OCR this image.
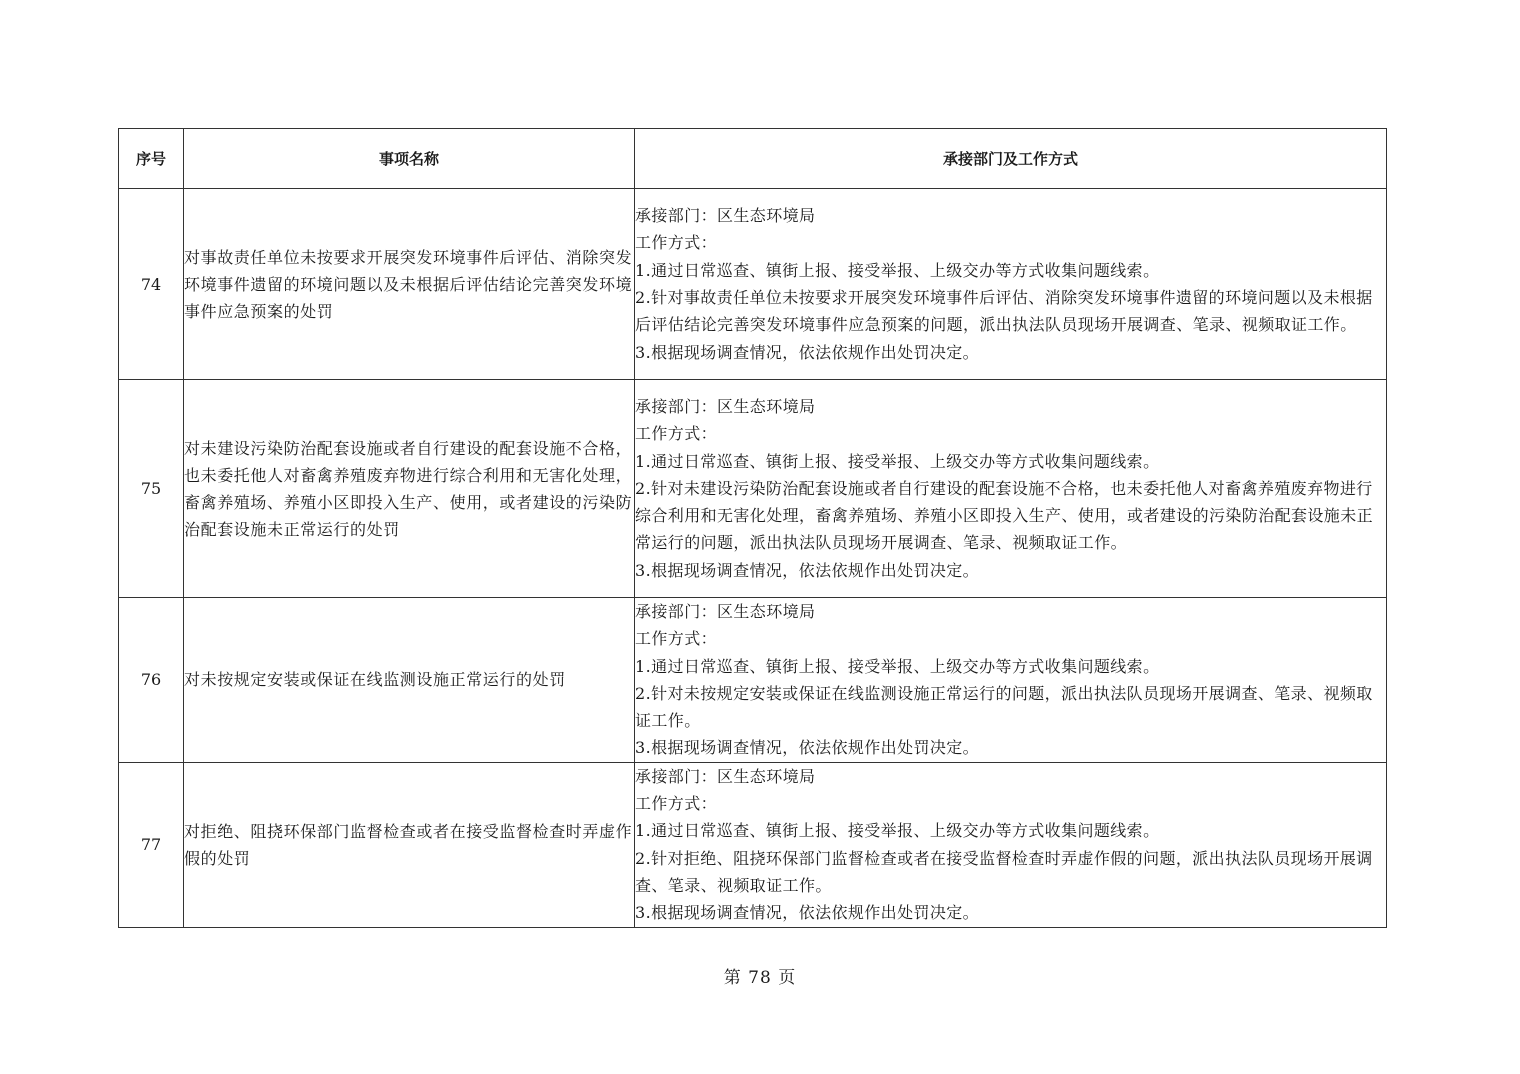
序号	事项名称	承接部门及工作方式
74	对事故责任单位未按要求开展突发环境事件后评估、消除突发环境事件遗留的环境问题以及未根据后评估结论完善突发环境事件应急预案的处罚	承接部门：区生态环境局
工作方式：
1.通过日常巡查、镇街上报、接受举报、上级交办等方式收集问题线索。
2.针对事故责任单位未按要求开展突发环境事件后评估、消除突发环境事件遗留的环境问题以及未根据后评估结论完善突发环境事件应急预案的问题，派出执法队员现场开展调查、笔录、视频取证工作。
3.根据现场调查情况，依法依规作出处罚决定。

75	对未建设污染防治配套设施或者自行建设的配套设施不合格，也未委托他人对畜禽养殖废弃物进行综合利用和无害化处理，畜禽养殖场、养殖小区即投入生产、使用，或者建设的污染防治配套设施未正常运行的处罚	承接部门：区生态环境局
工作方式：
1.通过日常巡查、镇街上报、接受举报、上级交办等方式收集问题线索。
2.针对未建设污染防治配套设施或者自行建设的配套设施不合格，也未委托他人对畜禽养殖废弃物进行综合利用和无害化处理，畜禽养殖场、养殖小区即投入生产、使用，或者建设的污染防治配套设施未正常运行的问题，派出执法队员现场开展调查、笔录、视频取证工作。
3.根据现场调查情况，依法依规作出处罚决定。

76	对未按规定安装或保证在线监测设施正常运行的处罚	承接部门：区生态环境局
工作方式：
1.通过日常巡查、镇街上报、接受举报、上级交办等方式收集问题线索。
2.针对未按规定安装或保证在线监测设施正常运行的问题，派出执法队员现场开展调查、笔录、视频取证工作。
3.根据现场调查情况，依法依规作出处罚决定。

77	对拒绝、阻挠环保部门监督检查或者在接受监督检查时弄虚作假的处罚	承接部门：区生态环境局
工作方式：
1.通过日常巡查、镇街上报、接受举报、上级交办等方式收集问题线索。
2.针对拒绝、阻挠环保部门监督检查或者在接受监督检查时弄虚作假的问题，派出执法队员现场开展调查、笔录、视频取证工作。
3.根据现场调查情况，依法依规作出处罚决定。
第 78 页
